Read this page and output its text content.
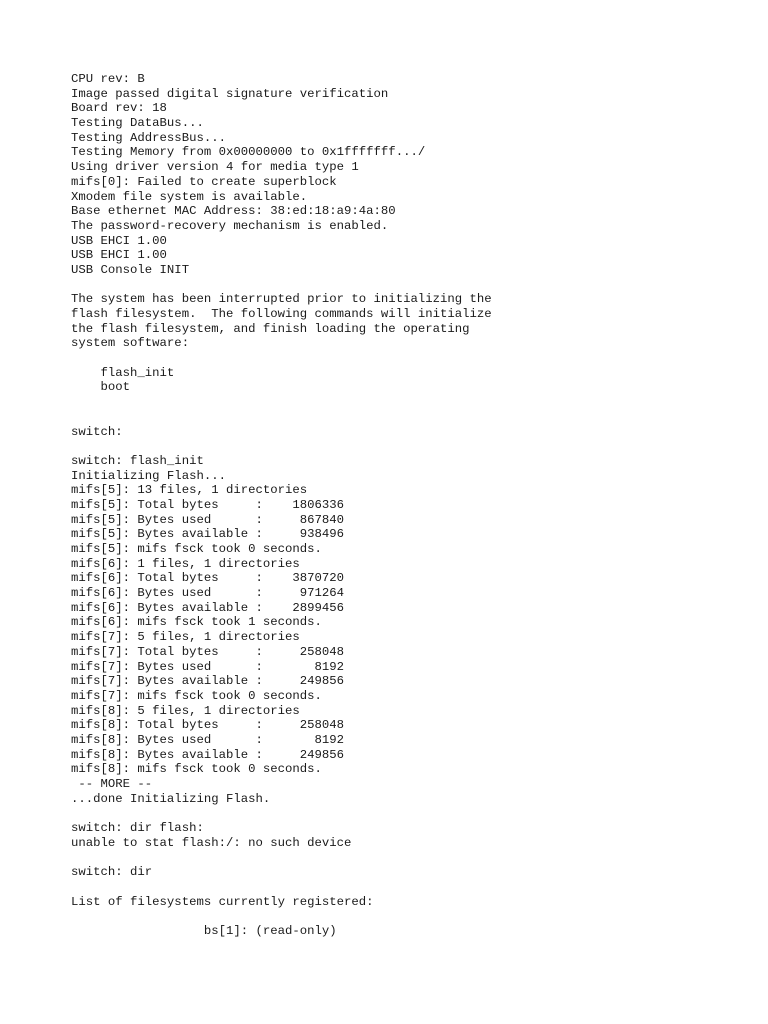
CPU rev: B
Image passed digital signature verification
Board rev: 18
Testing DataBus...
Testing AddressBus...
Testing Memory from 0x00000000 to 0x1fffffff.../
Using driver version 4 for media type 1
mifs[0]: Failed to create superblock
Xmodem file system is available.
Base ethernet MAC Address: 38:ed:18:a9:4a:80
The password-recovery mechanism is enabled.
USB EHCI 1.00
USB EHCI 1.00
USB Console INIT
The system has been interrupted prior to initializing the
flash filesystem.  The following commands will initialize
the flash filesystem, and finish loading the operating
system software:
flash_init
boot
switch:
switch: flash_init
Initializing Flash...
mifs[5]: 13 files, 1 directories
mifs[5]: Total bytes     :    1806336
mifs[5]: Bytes used      :     867840
mifs[5]: Bytes available :     938496
mifs[5]: mifs fsck took 0 seconds.
mifs[6]: 1 files, 1 directories
mifs[6]: Total bytes     :    3870720
mifs[6]: Bytes used      :     971264
mifs[6]: Bytes available :    2899456
mifs[6]: mifs fsck took 1 seconds.
mifs[7]: 5 files, 1 directories
mifs[7]: Total bytes     :     258048
mifs[7]: Bytes used      :       8192
mifs[7]: Bytes available :     249856
mifs[7]: mifs fsck took 0 seconds.
mifs[8]: 5 files, 1 directories
mifs[8]: Total bytes     :     258048
mifs[8]: Bytes used      :       8192
mifs[8]: Bytes available :     249856
mifs[8]: mifs fsck took 0 seconds.
-- MORE --
...done Initializing Flash.
switch: dir flash:
unable to stat flash:/: no such device
switch: dir
List of filesystems currently registered:
bs[1]: (read-only)
